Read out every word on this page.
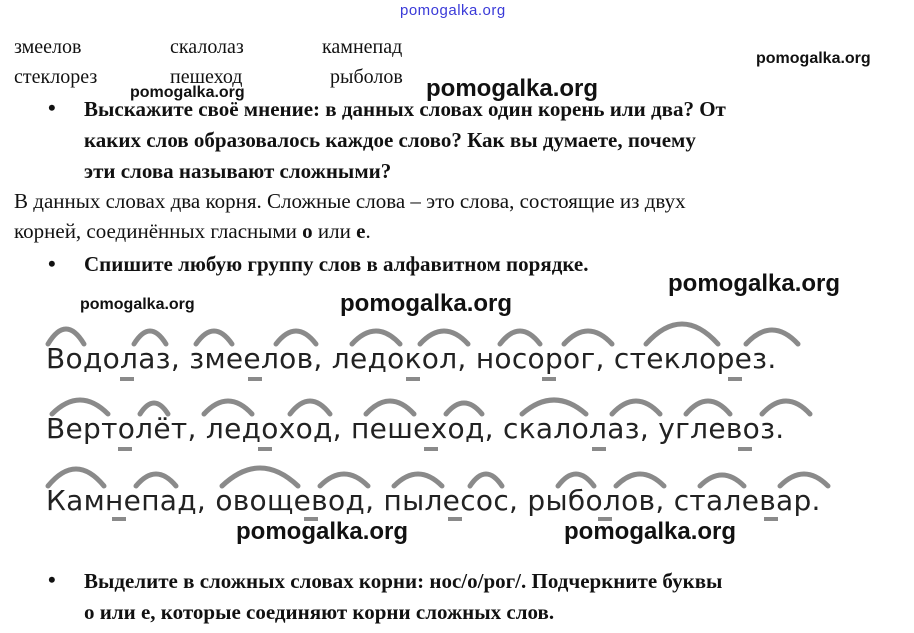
pomogalka.org
pomogalka.org	pomogalka.org
pomogalka.org
pomogalka.org	pomogalka.org
pomogalka.org
pomogalka.org	pomogalka.org
змеелов	скалолаз	камнепад
стеклорез	пешеход	рыболов
• Выскажите своё мнение: в данных словах один корень или два? От
каких слов образовалось каждое слово? Как вы думаете, почему
эти слова называют сложными?
В данных словах два корня. Сложные слова – это слова, состоящие из двух
корней, соединённых гласными о или е.
• Спишите любую группу слов в алфавитном порядке.
Водолаз, змеелов, ледокол, носорог, стеклорез.
Вертолёт, ледоход, пешеход, скалолаз, углевоз.
Камнепад, овощевод, пылесос, рыболов, сталевар.
• Выделите в сложных словах корни: нос/о/рог/. Подчеркните буквы
о или е, которые соединяют корни сложных слов.
